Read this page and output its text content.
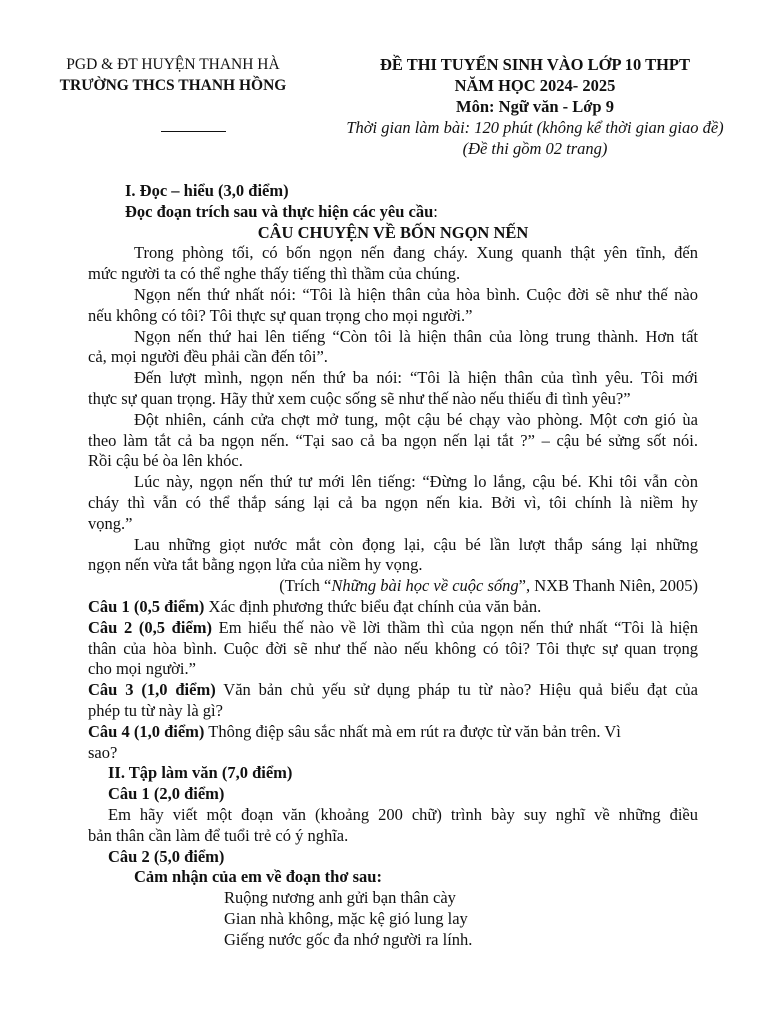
PGD & ĐT HUYỆN THANH HÀ
TRƯỜNG THCS THANH HỒNG
ĐỀ THI TUYỂN SINH VÀO LỚP 10 THPT
NĂM HỌC 2024- 2025
Môn: Ngữ văn - Lớp 9
Thời gian làm bài: 120 phút (không kể thời gian giao đề)
(Đề thi gồm 02 trang)
I. Đọc – hiểu (3,0 điểm)
Đọc đoạn trích sau và thực hiện các yêu cầu:
CÂU CHUYỆN VỀ BỐN NGỌN NẾN
Trong phòng tối, có bốn ngọn nến đang cháy. Xung quanh thật yên tĩnh, đến
mức người ta có thể nghe thấy tiếng thì thầm của chúng.
Ngọn nến thứ nhất nói: “Tôi là hiện thân của hòa bình. Cuộc đời sẽ như thế nào
nếu không có tôi? Tôi thực sự quan trọng cho mọi người.”
Ngọn nến thứ hai lên tiếng “Còn tôi là hiện thân của lòng trung thành. Hơn tất
cả, mọi người đều phải cần đến tôi”.
Đến lượt mình, ngọn nến thứ ba nói: “Tôi là hiện thân của tình yêu. Tôi mới
thực sự quan trọng. Hãy thử xem cuộc sống sẽ như thế nào nếu thiếu đi tình yêu?”
Đột nhiên, cánh cửa chợt mở tung, một cậu bé chạy vào phòng. Một cơn gió ùa
theo làm tắt cả ba ngọn nến. “Tại sao cả ba ngọn nến lại tắt ?” – cậu bé sửng sốt nói.
Rồi cậu bé òa lên khóc.
Lúc này, ngọn nến thứ tư mới lên tiếng: “Đừng lo lắng, cậu bé. Khi tôi vẫn còn
cháy thì vẫn có thể thắp sáng lại cả ba ngọn nến kia. Bởi vì, tôi chính là niềm hy
vọng.”
Lau những giọt nước mắt còn đọng lại, cậu bé lần lượt thắp sáng lại những
ngọn nến vừa tắt bằng ngọn lửa của niềm hy vọng.
(Trích “Những bài học về cuộc sống”, NXB Thanh Niên, 2005)
Câu 1 (0,5 điểm) Xác định phương thức biểu đạt chính của văn bản.
Câu 2 (0,5 điểm) Em hiểu thế nào về lời thầm thì của ngọn nến thứ nhất “Tôi là hiện
thân của hòa bình. Cuộc đời sẽ như thế nào nếu không có tôi? Tôi thực sự quan trọng
cho mọi người.”
Câu 3 (1,0 điểm) Văn bản chủ yếu sử dụng pháp tu từ nào? Hiệu quả biểu đạt của
phép tu từ này là gì?
Câu 4 (1,0 điểm) Thông điệp sâu sắc nhất mà em rút ra được từ văn bản trên. Vì
sao?
II. Tập làm văn (7,0 điểm)
Câu 1 (2,0 điểm)
Em hãy viết một đoạn văn (khoảng 200 chữ) trình bày suy nghĩ về những điều
bản thân cần làm để tuổi trẻ có ý nghĩa.
Câu 2 (5,0 điểm)
Cảm nhận của em về đoạn thơ sau:
Ruộng nương anh gửi bạn thân cày
Gian nhà không, mặc kệ gió lung lay
Giếng nước gốc đa nhớ người ra lính.
